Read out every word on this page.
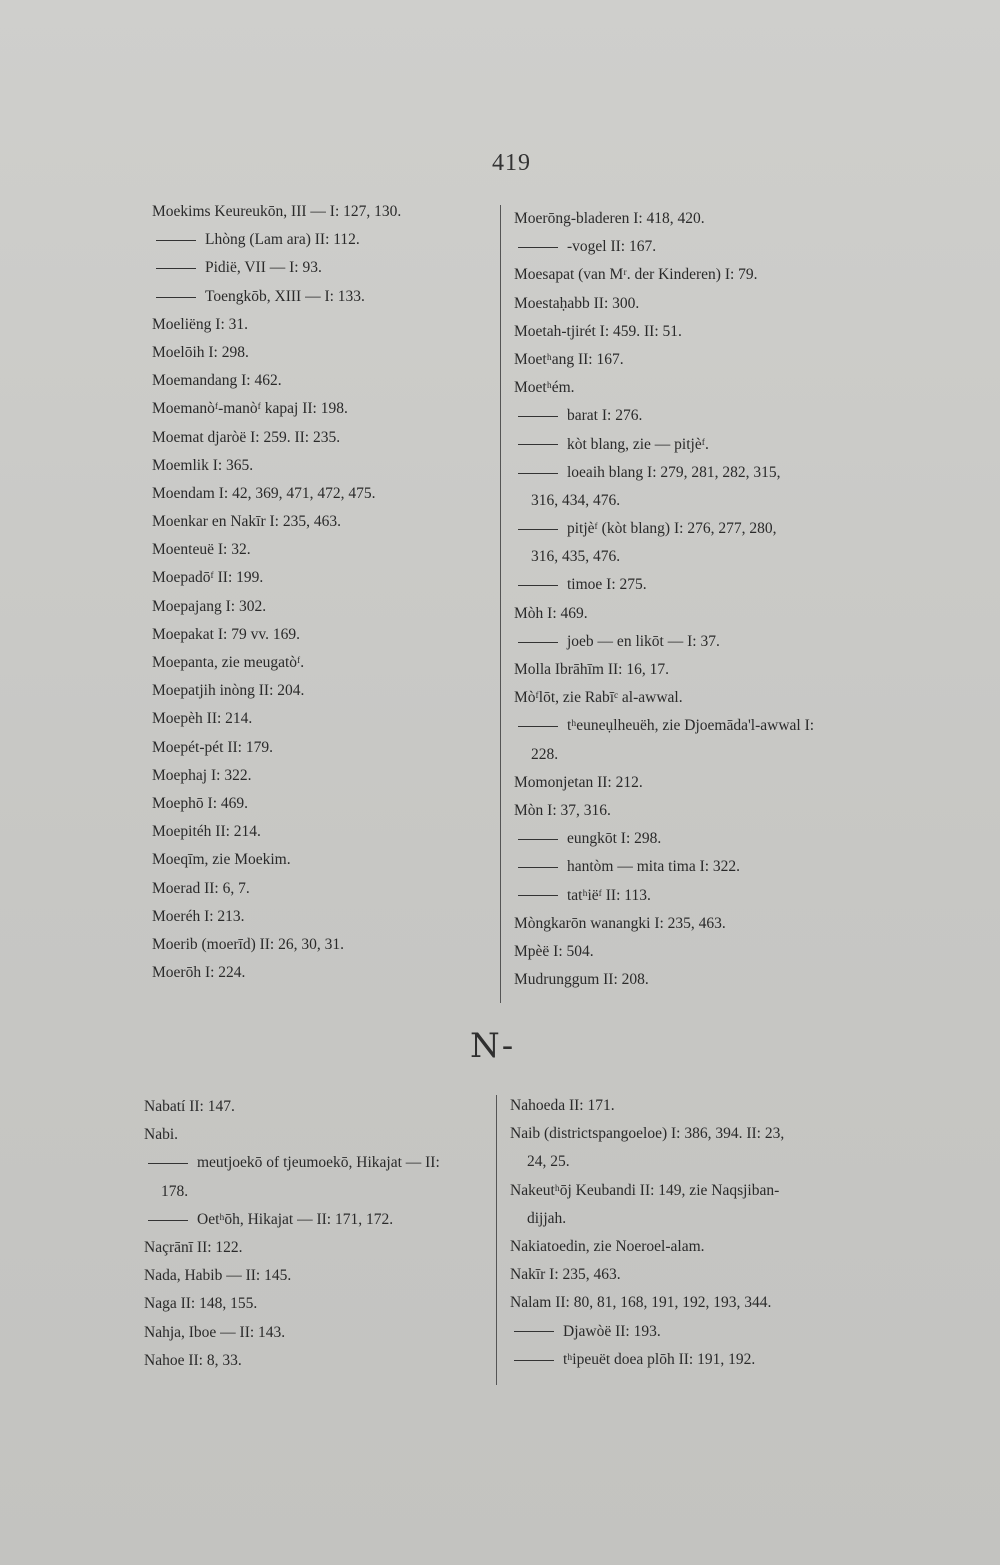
419
Moekims Keureukōn, III — I: 127, 130.
Lhòng (Lam ara) II: 112.
Pidië, VII — I: 93.
Toengkōb, XIII — I: 133.
Moeliëng I: 31.
Moelōih I: 298.
Moemandang I: 462.
Moemanòᶠ-manòᶠ kapaj II: 198.
Moemat djaròë I: 259. II: 235.
Moemlik I: 365.
Moendam I: 42, 369, 471, 472, 475.
Moenkar en Nakīr I: 235, 463.
Moenteuë I: 32.
Moepadōᶠ II: 199.
Moepajang I: 302.
Moepakat I: 79 vv. 169.
Moepanta, zie meugatòᶠ.
Moepatjih inòng II: 204.
Moepèh II: 214.
Moepét-pét II: 179.
Moephaj I: 322.
Moephō I: 469.
Moepitéh II: 214.
Moeqīm, zie Moekim.
Moerad II: 6, 7.
Moeréh I: 213.
Moerib (moerīd) II: 26, 30, 31.
Moerōh I: 224.
Moerōng-bladeren I: 418, 420.
-vogel II: 167.
Moesapat (van Mʳ. der Kinderen) I: 79.
Moestaḥabb II: 300.
Moetah-tjirét I: 459. II: 51.
Moetʰang II: 167.
Moetʰém.
barat I: 276.
kòt blang, zie — pitjèᶠ.
loeaih blang I: 279, 281, 282, 315,
316, 434, 476.
pitjèᶠ (kòt blang) I: 276, 277, 280,
316, 435, 476.
timoe I: 275.
Mòh I: 469.
joeb — en likōt — I: 37.
Molla Ibrāhīm II: 16, 17.
Mòᶠlōt, zie Rabīᶜ al-awwal.
tʰeuneụlheuëh, zie Djoemāda'l-awwal I:
228.
Momonjetan II: 212.
Mòn I: 37, 316.
eungkōt I: 298.
hantòm — mita tima I: 322.
tatʰiëᶠ II: 113.
Mòngkarōn wanangki I: 235, 463.
Mpèë I: 504.
Mudrunggum II: 208.
N-
Nabatí II: 147.
Nabi.
meutjoekō of tjeumoekō, Hikajat — II:
178.
Oetʰōh, Hikajat — II: 171, 172.
Naçrānī II: 122.
Nada, Habib — II: 145.
Naga II: 148, 155.
Nahja, Iboe — II: 143.
Nahoe II: 8, 33.
Nahoeda II: 171.
Naib (districtspangoeloe) I: 386, 394. II: 23,
24, 25.
Nakeutʰōj Keubandi II: 149, zie Naqsjiban-
dijjah.
Nakiatoedin, zie Noeroel-alam.
Nakīr I: 235, 463.
Nalam II: 80, 81, 168, 191, 192, 193, 344.
Djawòë II: 193.
tʰipeuët doea plōh II: 191, 192.
